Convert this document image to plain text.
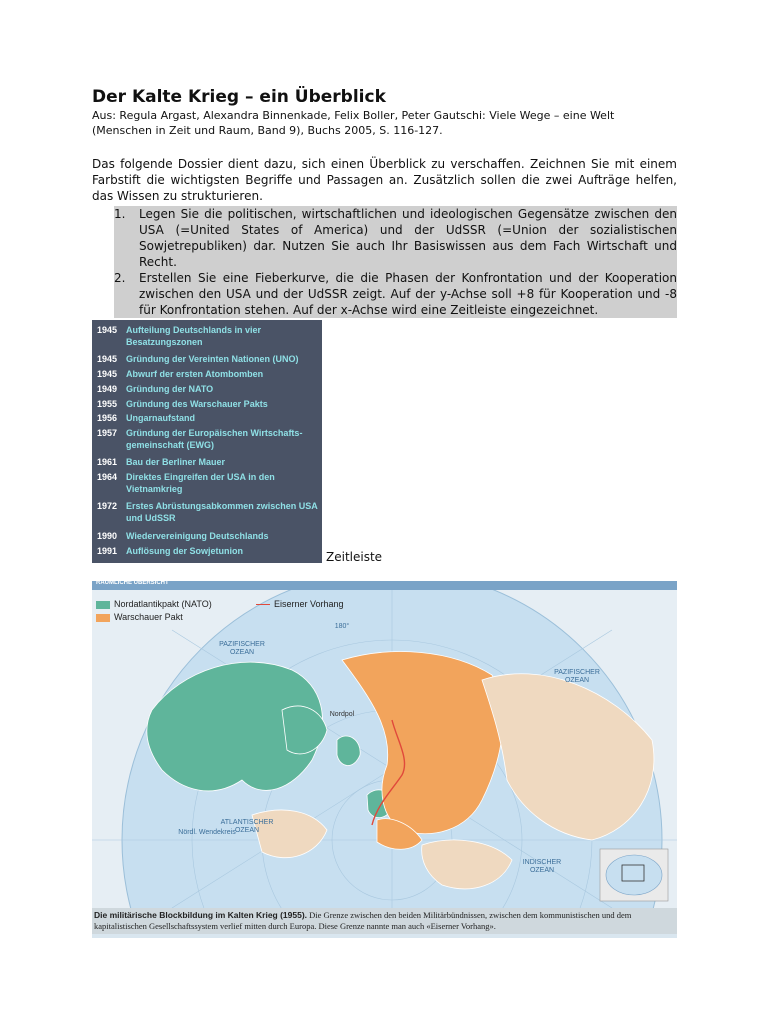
Der Kalte Krieg – ein Überblick

Aus: Regula Argast, Alexandra Binnenkade, Felix Boller, Peter Gautschi: Viele Wege – eine Welt (Menschen in Zeit und Raum, Band 9), Buchs 2005, S. 116-127.

Das folgende Dossier dient dazu, sich einen Überblick zu verschaffen. Zeichnen Sie mit einem Farbstift die wichtigsten Begriffe und Passagen an. Zusätzlich sollen die zwei Aufträge helfen, das Wissen zu strukturieren.

1. Legen Sie die politischen, wirtschaftlichen und ideologischen Gegensätze zwischen den USA (=United States of America) und der UdSSR (=Union der sozialistischen Sowjetrepubliken) dar. Nutzen Sie auch Ihr Basiswissen aus dem Fach Wirtschaft und Recht.
2. Erstellen Sie eine Fieberkurve, die die Phasen der Konfrontation und der Kooperation zwischen den USA und der UdSSR zeigt. Auf der y-Achse soll +8 für Kooperation und -8 für Konfrontation stehen. Auf der x-Achse wird eine Zeitleiste eingezeichnet.
1945 Aufteilung Deutschlands in vier Besatzungszonen
1945 Gründung der Vereinten Nationen (UNO)
1945 Abwurf der ersten Atombomben
1949 Gründung der NATO
1955 Gründung des Warschauer Pakts
1956 Ungarnaufstand
1957 Gründung der Europäischen Wirtschafts-gemeinschaft (EWG)
1961 Bau der Berliner Mauer
1964 Direktes Eingreifen der USA in den Vietnamkrieg
1972 Erstes Abrüstungsabkommen zwischen USA und UdSSR
1990 Wiedervereinigung Deutschlands
1991 Auflösung der Sowjetunion	Zeitleiste
RÄUMLICHE ÜBERSICHT
Nordatlantikpakt (NATO)
Warschauer Pakt
Eiserner Vorhang
PAZIFISCHER OZEAN
PAZIFISCHER OZEAN
ATLANTISCHER OZEAN
INDISCHER OZEAN
Nordpol
180°
Nördl. Wendekreis
Die militärische Blockbildung im Kalten Krieg (1955). Die Grenze zwischen den beiden Militärbündnissen, zwischen dem kommunistischen und dem kapitalistischen Gesellschaftssystem verlief mitten durch Europa. Diese Grenze nannte man auch «Eiserner Vorhang».
